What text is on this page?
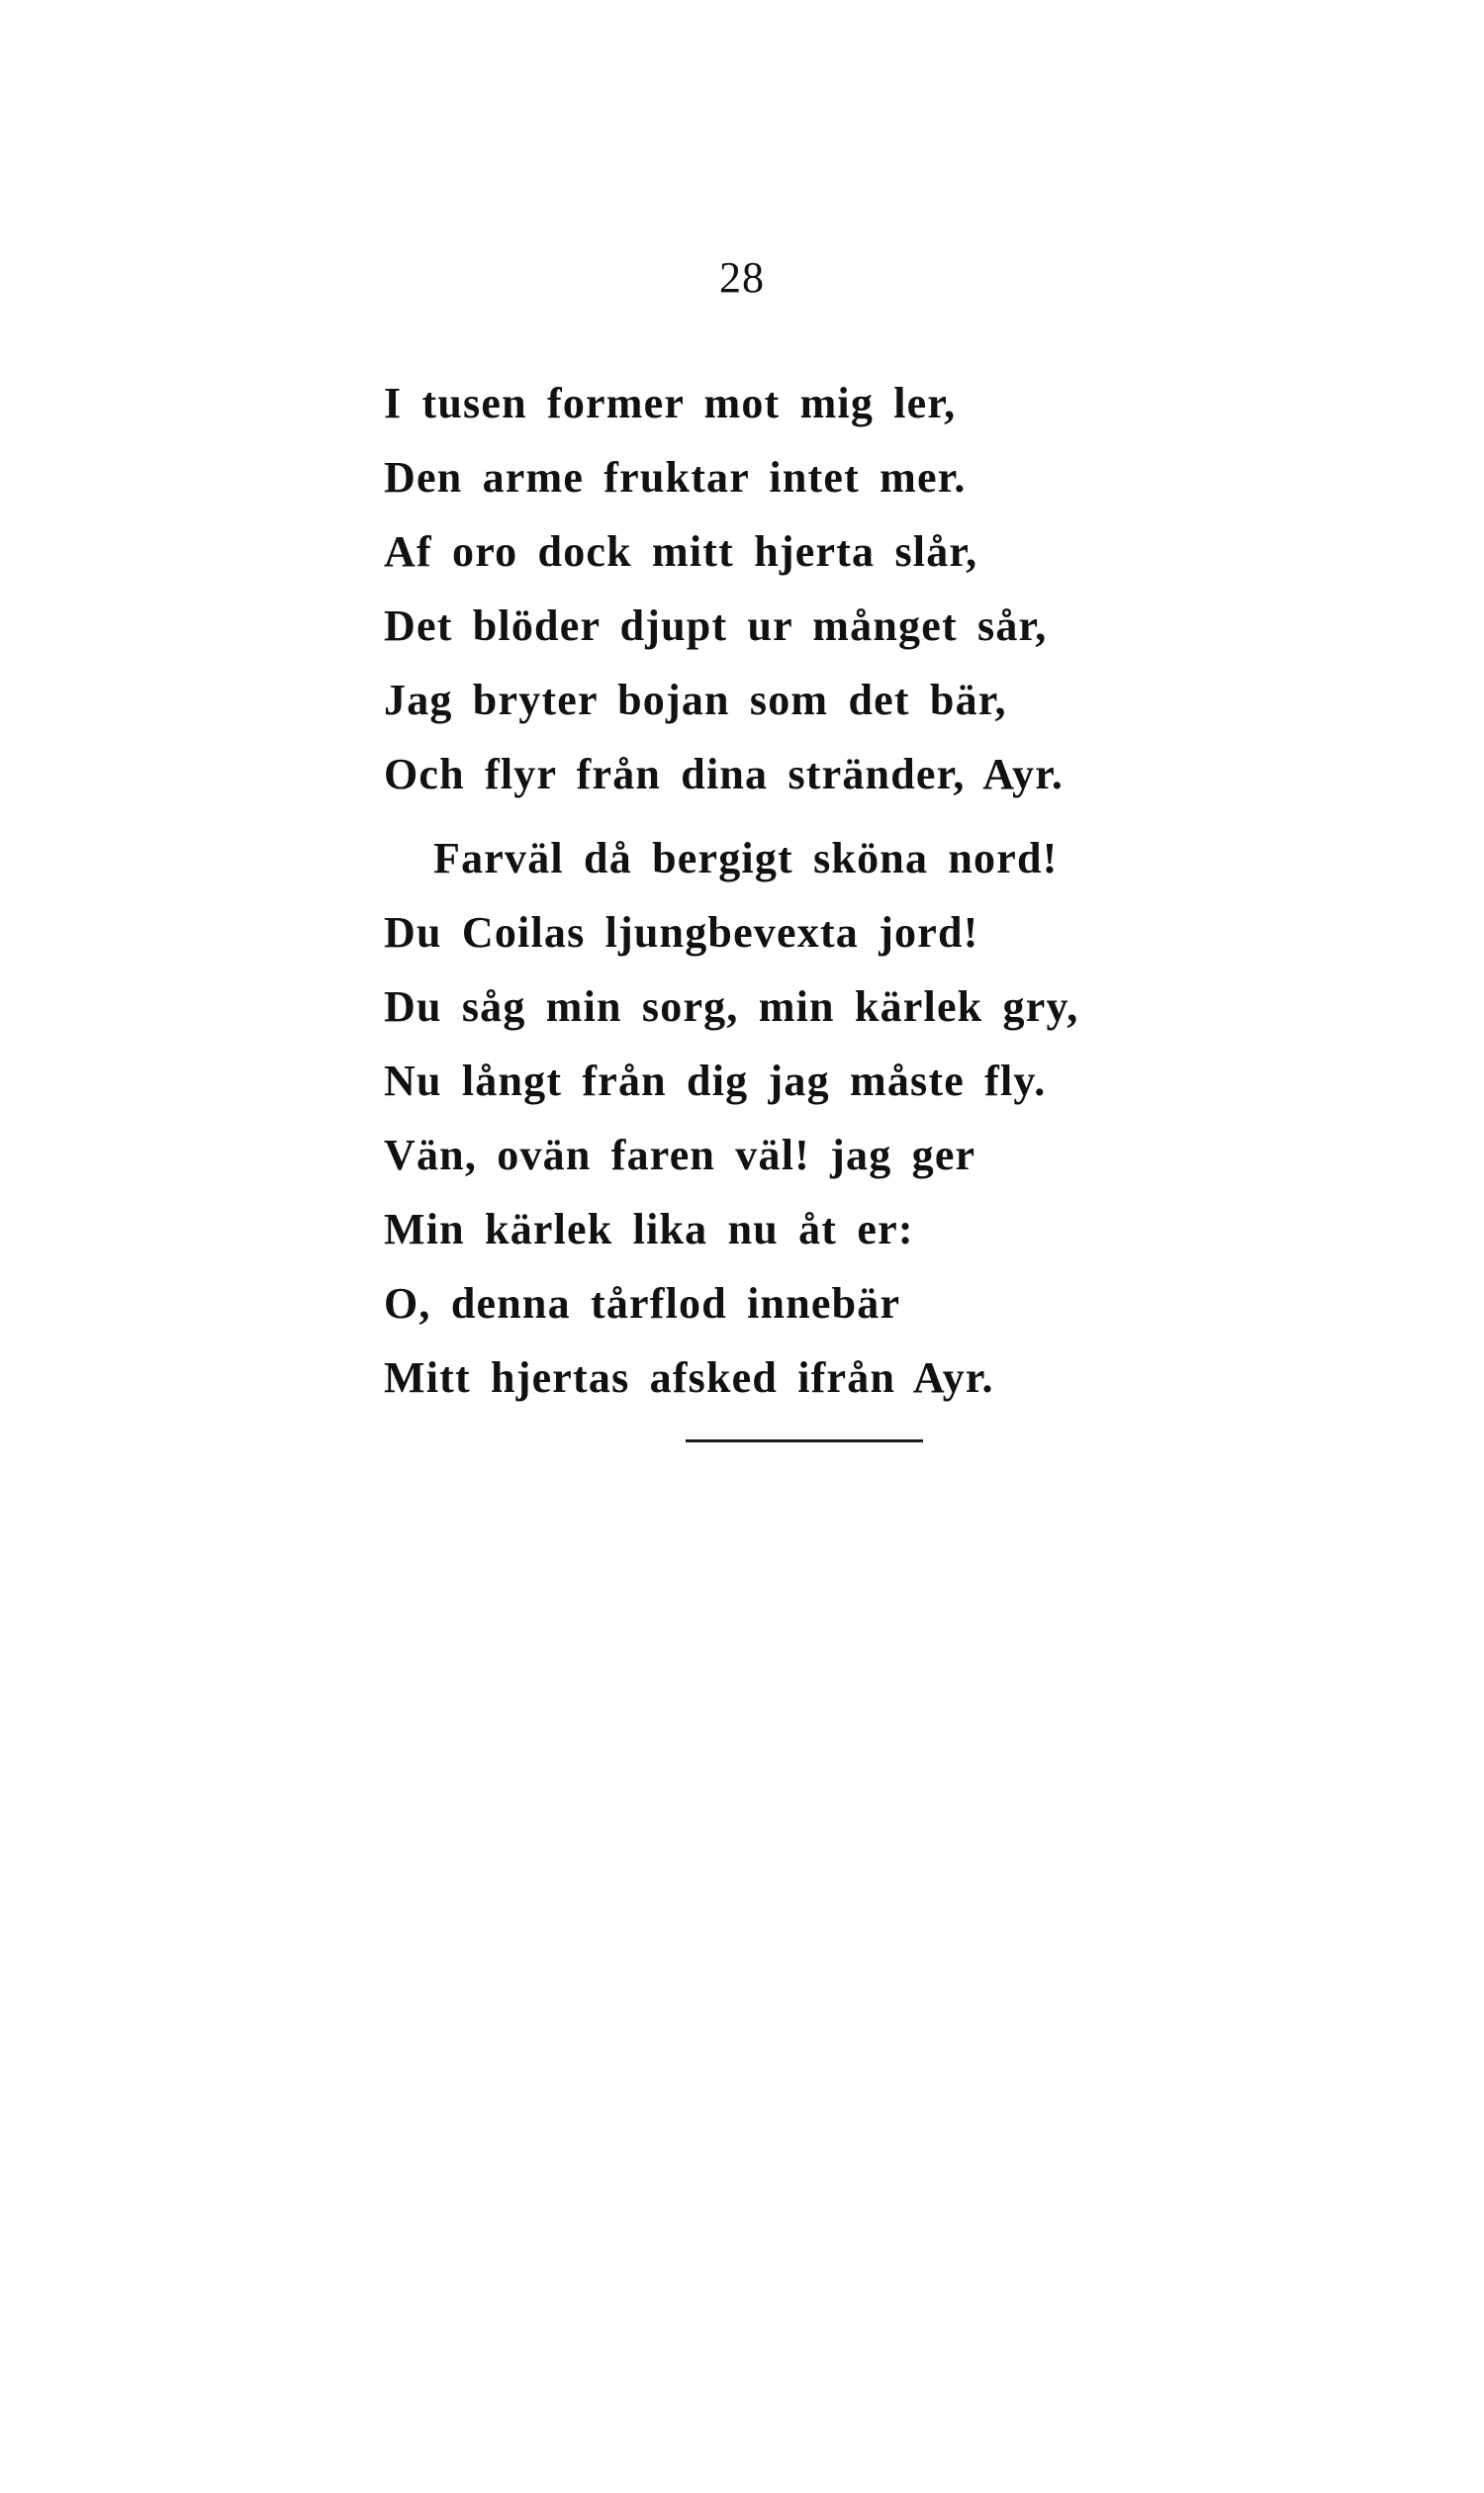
28
I tusen former mot mig ler,
Den arme fruktar intet mer.
Af oro dock mitt hjerta slår,
Det blöder djupt ur månget sår,
Jag bryter bojan som det bär,
Och flyr från dina stränder, Ayr.
Farväl då bergigt sköna nord!
Du Coilas ljungbevexta jord!
Du såg min sorg, min kärlek gry,
Nu långt från dig jag måste fly.
Vän, ovän faren väl! jag ger
Min kärlek lika nu åt er:
O, denna tårflod innebär
Mitt hjertas afsked ifrån Ayr.
